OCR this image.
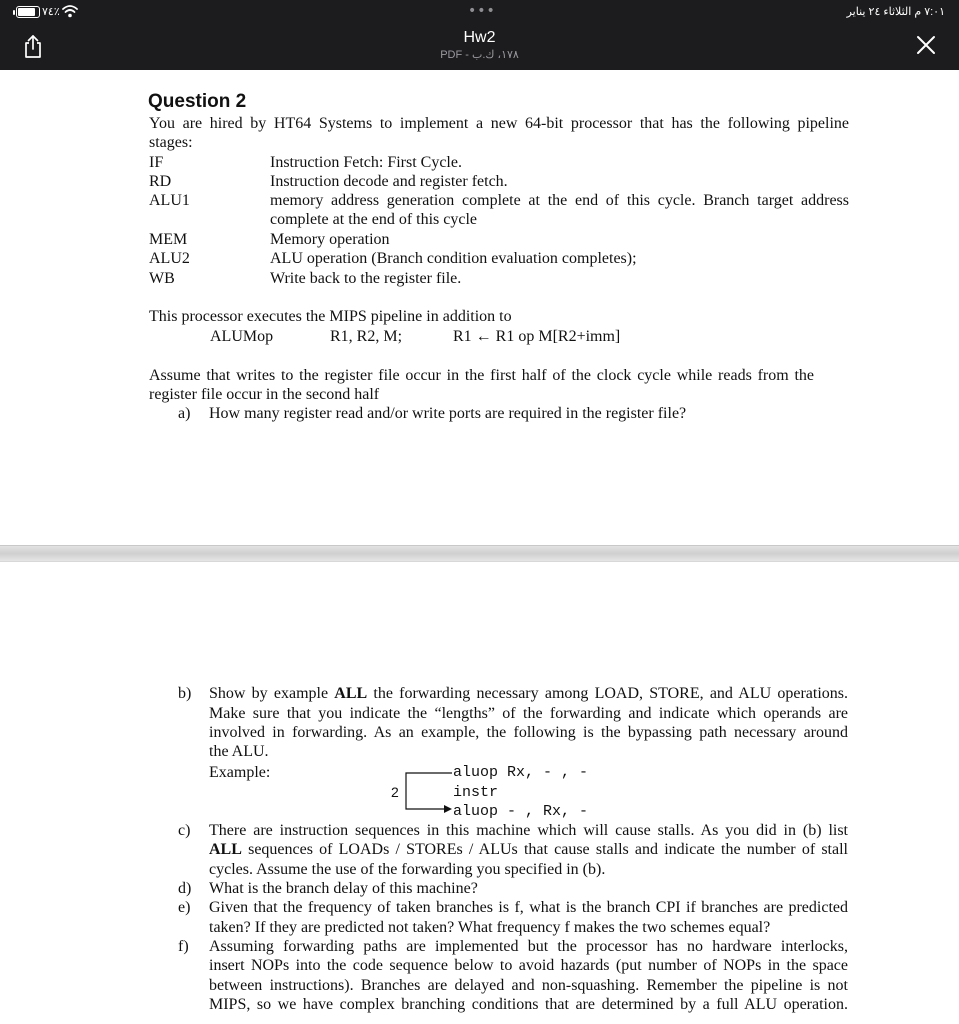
٧٤٪	•••	٧:٠١ م الثلاثاء ٢٤ يناير
Hw2
PDF - ١٧٨، ك.ب
Question 2
You are hired by HT64 Systems to implement a new 64-bit processor that has the following pipeline
stages:
IF	Instruction Fetch: First Cycle.
RD	Instruction decode and register fetch.
ALU1	memory address generation complete at the end of this cycle. Branch target address
complete at the end of this cycle
MEM	Memory operation
ALU2	ALU operation (Branch condition evaluation completes);
WB	Write back to the register file.
This processor executes the MIPS pipeline in addition to
ALUMop	R1, R2, M;	R1 ← R1 op M[R2+imm]
Assume that writes to the register file occur in the first half of the clock cycle while reads from the
register file occur in the second half
a) How many register read and/or write ports are required in the register file?
b) Show by example ALL the forwarding necessary among LOAD, STORE, and ALU operations.
Make sure that you indicate the “lengths” of the forwarding and indicate which operands are
involved in forwarding. As an example, the following is the bypassing path necessary around
the ALU.
Example:
2
aluop Rx, - , -
instr
aluop - , Rx, -
c) There are instruction sequences in this machine which will cause stalls. As you did in (b) list
ALL sequences of LOADs / STOREs / ALUs that cause stalls and indicate the number of stall
cycles. Assume the use of the forwarding you specified in (b).
d) What is the branch delay of this machine?
e) Given that the frequency of taken branches is f, what is the branch CPI if branches are predicted
taken? If they are predicted not taken? What frequency f makes the two schemes equal?
f) Assuming forwarding paths are implemented but the processor has no hardware interlocks,
insert NOPs into the code sequence below to avoid hazards (put number of NOPs in the space
between instructions). Branches are delayed and non-squashing. Remember the pipeline is not
MIPS, so we have complex branching conditions that are determined by a full ALU operation.
